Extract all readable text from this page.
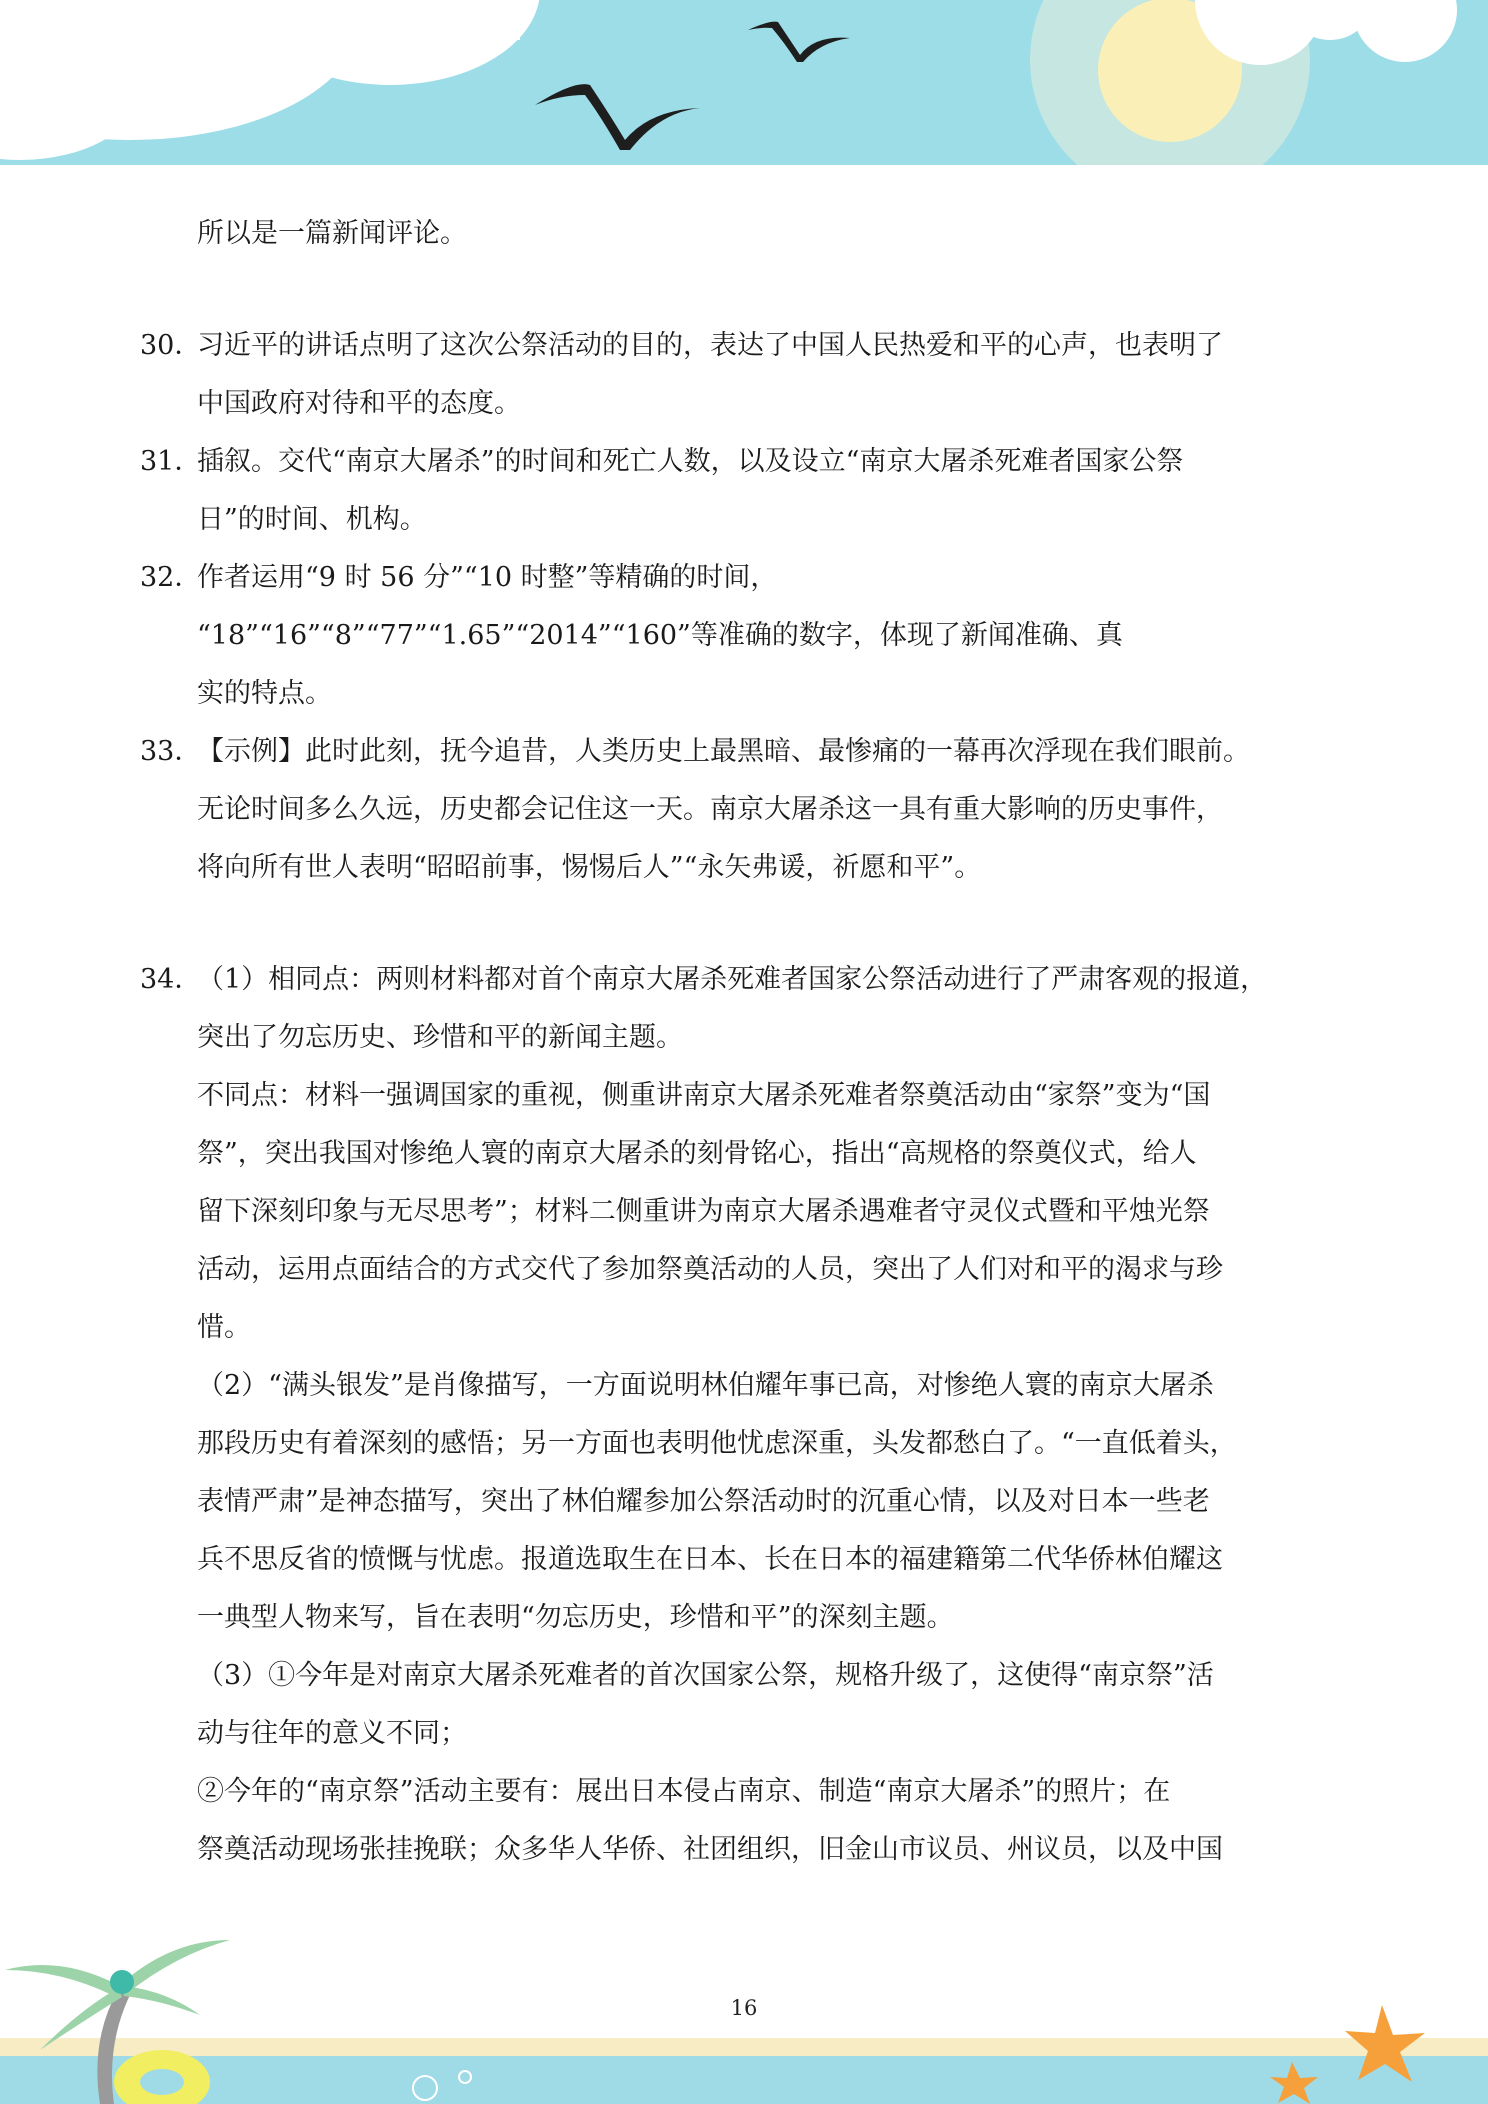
所以是一篇新闻评论。
30．习近平的讲话点明了这次公祭活动的目的，表达了中国人民热爱和平的心声，也表明了
中国政府对待和平的态度。
31．插叙。交代“南京大屠杀”的时间和死亡人数，以及设立“南京大屠杀死难者国家公祭
日”的时间、机构。
32．作者运用“9 时 56 分”“10 时整”等精确的时间，
“18”“16”“8”“77”“1.65”“2014”“160”等准确的数字，体现了新闻准确、真
实的特点。
33．【示例】此时此刻，抚今追昔，人类历史上最黑暗、最惨痛的一幕再次浮现在我们眼前。
无论时间多么久远，历史都会记住这一天。南京大屠杀这一具有重大影响的历史事件，
将向所有世人表明“昭昭前事，惕惕后人”“永矢弗谖，祈愿和平”。
34．（1）相同点：两则材料都对首个南京大屠杀死难者国家公祭活动进行了严肃客观的报道，
突出了勿忘历史、珍惜和平的新闻主题。
不同点：材料一强调国家的重视，侧重讲南京大屠杀死难者祭奠活动由“家祭”变为“国
祭”，突出我国对惨绝人寰的南京大屠杀的刻骨铭心，指出“高规格的祭奠仪式，给人
留下深刻印象与无尽思考”；材料二侧重讲为南京大屠杀遇难者守灵仪式暨和平烛光祭
活动，运用点面结合的方式交代了参加祭奠活动的人员，突出了人们对和平的渴求与珍
惜。
（2）“满头银发”是肖像描写，一方面说明林伯耀年事已高，对惨绝人寰的南京大屠杀
那段历史有着深刻的感悟；另一方面也表明他忧虑深重，头发都愁白了。“一直低着头，
表情严肃”是神态描写，突出了林伯耀参加公祭活动时的沉重心情，以及对日本一些老
兵不思反省的愤慨与忧虑。报道选取生在日本、长在日本的福建籍第二代华侨林伯耀这
一典型人物来写，旨在表明“勿忘历史，珍惜和平”的深刻主题。
（3）①今年是对南京大屠杀死难者的首次国家公祭，规格升级了，这使得“南京祭”活
动与往年的意义不同；
②今年的“南京祭”活动主要有：展出日本侵占南京、制造“南京大屠杀”的照片；在
祭奠活动现场张挂挽联；众多华人华侨、社团组织，旧金山市议员、州议员，以及中国
16
